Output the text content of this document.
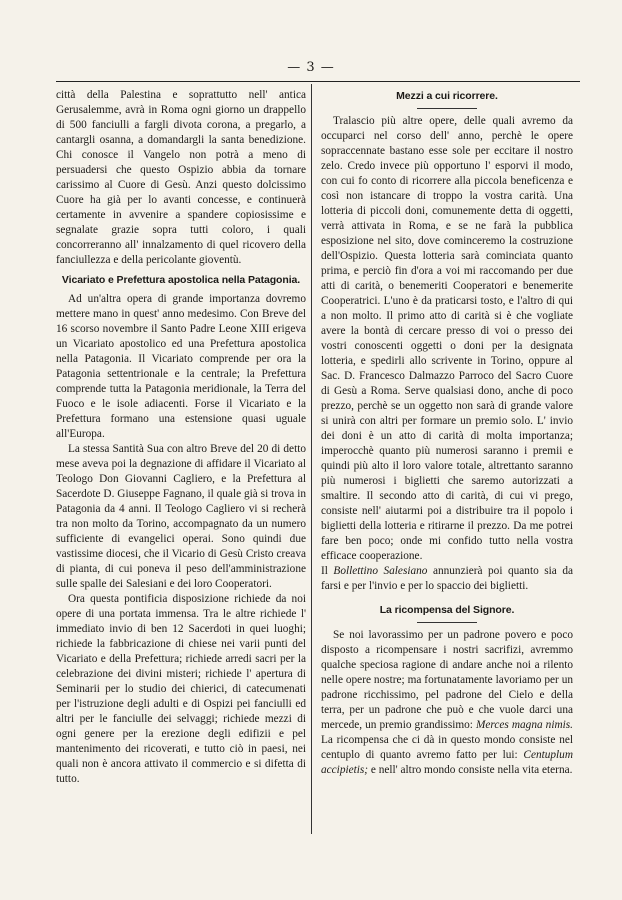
— 3 —

città della Palestina e soprattutto nell' antica Gerusalemme, avrà in Roma ogni giorno un drappello di 500 fanciulli a fargli divota corona, a pregarlo, a cantargli osanna, a domandargli la santa benedizione. Chi conosce il Vangelo non potrà a meno di persuadersi che questo Ospizio abbia da tornare carissimo al Cuore di Gesù. Anzi questo dolcissimo Cuore ha già per lo avanti concesse, e continuerà certamente in avvenire a spandere copiosissime e segnalate grazie sopra tutti coloro, i quali concorreranno all' innalzamento di quel ricovero della fanciullezza e della pericolante gioventù.

Vicariato e Prefettura apostolica nella Patagonia.

Ad un'altra opera di grande importanza dovremo mettere mano in quest' anno medesimo. Con Breve del 16 scorso novembre il Santo Padre Leone XIII erigeva un Vicariato apostolico ed una Prefettura apostolica nella Patagonia. Il Vicariato comprende per ora la Patagonia settentrionale e la centrale; la Prefettura comprende tutta la Patagonia meridionale, la Terra del Fuoco e le isole adiacenti. Forse il Vicariato e la Prefettura formano una estensione quasi uguale all'Europa.

La stessa Santità Sua con altro Breve del 20 di detto mese aveva poi la degnazione di affidare il Vicariato al Teologo Don Giovanni Cagliero, e la Prefettura al Sacerdote D. Giuseppe Fagnano, il quale già si trova in Patagonia da 4 anni. Il Teologo Cagliero vi si recherà tra non molto da Torino, accompagnato da un numero sufficiente di evangelici operai. Sono quindi due vastissime diocesi, che il Vicario di Gesù Cristo creava di pianta, di cui poneva il peso dell'amministrazione sulle spalle dei Salesiani e dei loro Cooperatori.

Ora questa pontificia disposizione richiede da noi opere di una portata immensa. Tra le altre richiede l' immediato invio di ben 12 Sacerdoti in quei luoghi; richiede la fabbricazione di chiese nei varii punti del Vicariato e della Prefettura; richiede arredi sacri per la celebrazione dei divini misteri; richiede l' apertura di Seminarii per lo studio dei chierici, di catecumenati per l'istruzione degli adulti e di Ospizi pei fanciulli ed altri per le fanciulle dei selvaggi; richiede mezzi di ogni genere per la erezione degli edifizii e pel mantenimento dei ricoverati, e tutto ciò in paesi, nei quali non è ancora attivato il commercio e si difetta di tutto.

Mezzi a cui ricorrere.

Tralascio più altre opere, delle quali avremo da occuparci nel corso dell' anno, perchè le opere sopraccennate bastano esse sole per eccitare il nostro zelo. Credo invece più opportuno l' esporvi il modo, con cui fo conto di ricorrere alla piccola beneficenza e così non istancare di troppo la vostra carità. Una lotteria di piccoli doni, comunemente detta di oggetti, verrà attivata in Roma, e se ne farà la pubblica esposizione nel sito, dove cominceremo la costruzione dell'Ospizio. Questa lotteria sarà cominciata quanto prima, e perciò fin d'ora a voi mi raccomando per due atti di carità, o benemeriti Cooperatori e benemerite Cooperatrici. L'uno è da praticarsi tosto, e l'altro di qui a non molto. Il primo atto di carità si è che vogliate avere la bontà di cercare presso di voi o presso dei vostri conoscenti oggetti o doni per la designata lotteria, e spedirli allo scrivente in Torino, oppure al Sac. D. Francesco Dalmazzo Parroco del Sacro Cuore di Gesù a Roma. Serve qualsiasi dono, anche di poco prezzo, perchè se un oggetto non sarà di grande valore si unirà con altri per formare un premio solo. L' invio dei doni è un atto di carità di molta importanza; imperocchè quanto più numerosi saranno i premii e quindi più alto il loro valore totale, altrettanto saranno più numerosi i biglietti che saremo autorizzati a smaltire. Il secondo atto di carità, di cui vi prego, consiste nell' aiutarmi poi a distribuire tra il popolo i biglietti della lotteria e ritirarne il prezzo. Da me potrei fare ben poco; onde mi confido tutto nella vostra efficace cooperazione.
Il Bollettino Salesiano annunzierà poi quanto sia da farsi e per l'invio e per lo spaccio dei biglietti.

La ricompensa del Signore.

Se noi lavorassimo per un padrone povero e poco disposto a ricompensare i nostri sacrifizi, avremmo qualche speciosa ragione di andare anche noi a rilento nelle opere nostre; ma fortunatamente lavoriamo per un padrone ricchissimo, pel padrone del Cielo e della terra, per un padrone che può e che vuole darci una mercede, un premio grandissimo: Merces magna nimis. La ricompensa che ci dà in questo mondo consiste nel centuplo di quanto avremo fatto per lui: Centuplum accipietis; e nell' altro mondo consiste nella vita eterna.
